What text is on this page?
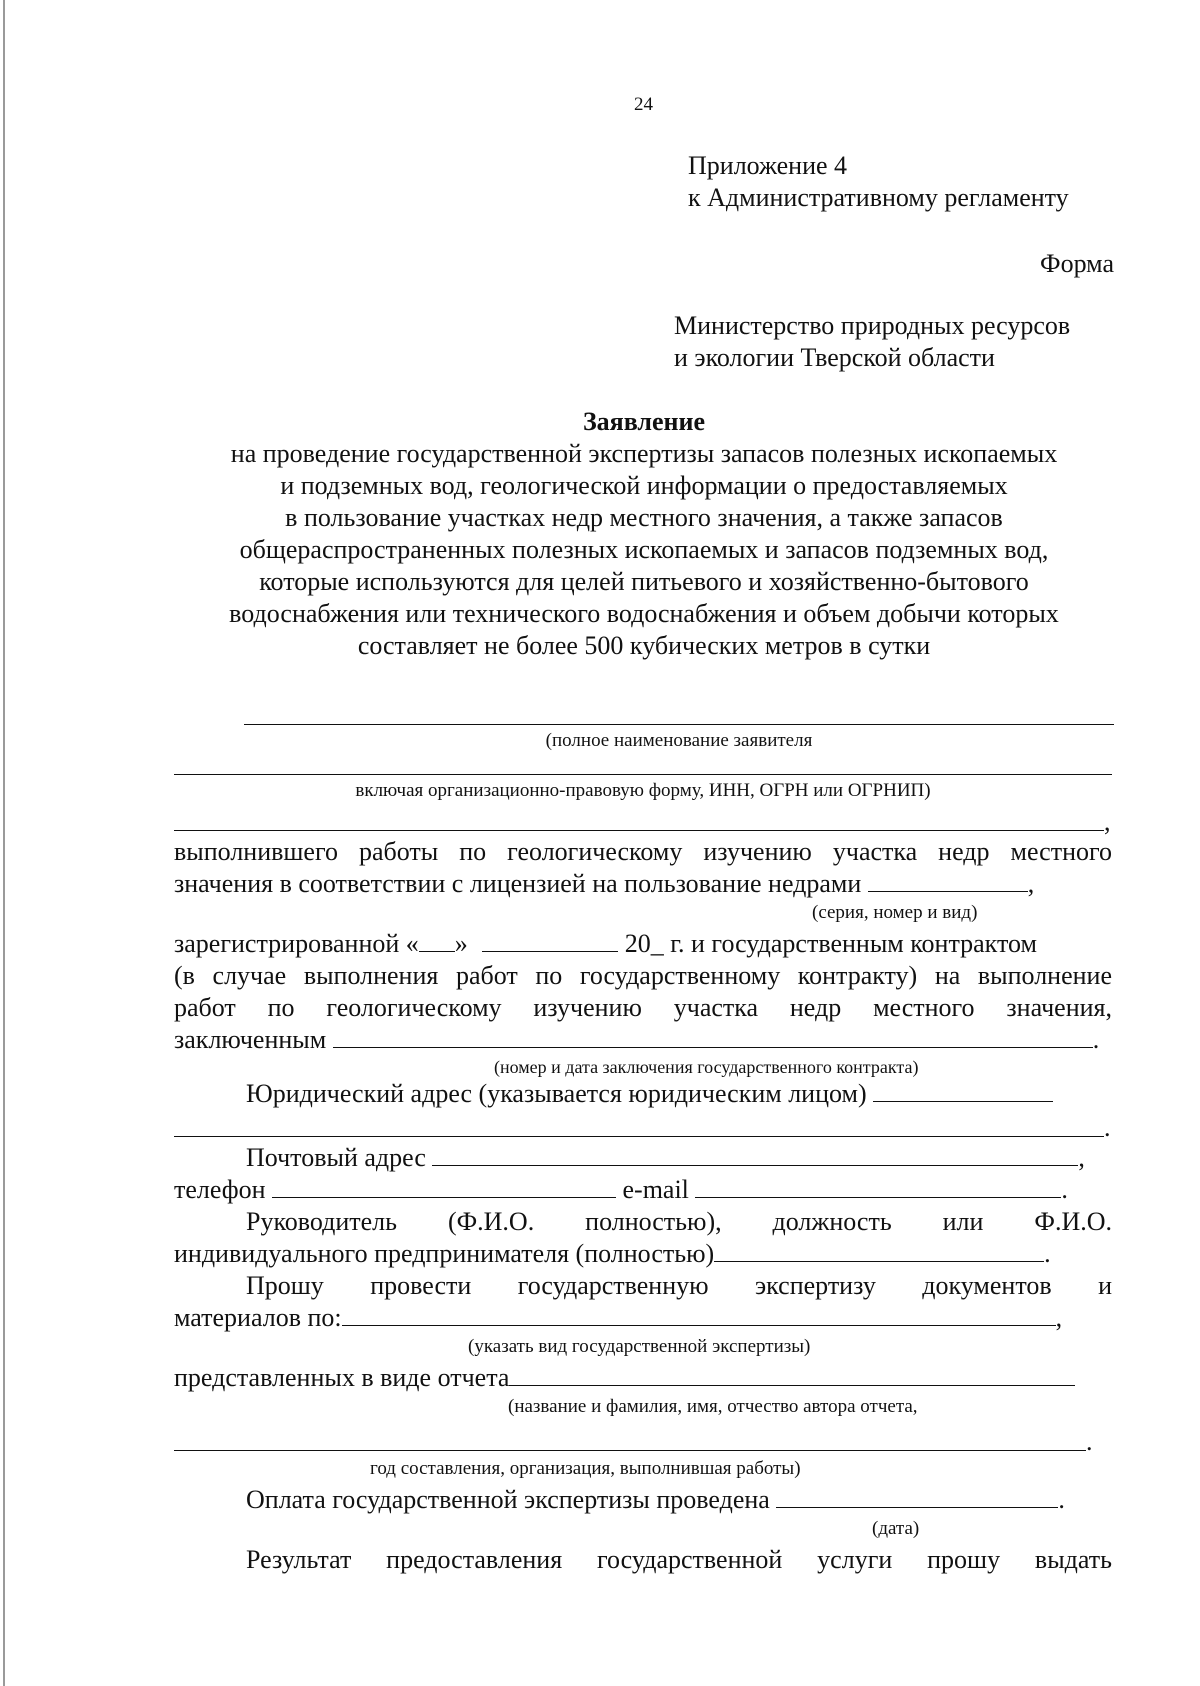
24
Приложение 4
к Административному регламенту
Форма
Министерство природных ресурсов
и экологии Тверской области
Заявление
на проведение государственной экспертизы запасов полезных ископаемых
и подземных вод, геологической информации о предоставляемых
в пользование участках недр местного значения, а также запасов
общераспространенных полезных ископаемых и запасов подземных вод,
которые используются для целей питьевого и хозяйственно-бытового
водоснабжения или технического водоснабжения и объем добычи которых
составляет не более 500 кубических метров в сутки
(полное наименование заявителя
включая организационно-правовую форму, ИНН, ОГРН или ОГРНИП)
,
выполнившего работы по геологическому изучению участка недр местного
значения в соответствии с лицензией на пользование недрами	,
(серия, номер и вид)
зарегистрированной « »	20_ г. и государственным контрактом
(в случае выполнения работ по государственному контракту) на выполнение
работ по геологическому изучению участка недр местного значения,
заключенным	.
(номер и дата заключения государственного контракта)
Юридический адрес (указывается юридическим лицом)
.
Почтовый адрес	,
телефон	e-mail	.
Руководитель (Ф.И.О. полностью), должность или Ф.И.О.
индивидуального предпринимателя (полностью)	.
Прошу провести государственную экспертизу документов и
материалов по:	,
(указать вид государственной экспертизы)
представленных в виде отчета
(название и фамилия, имя, отчество автора отчета,
.
год составления, организация, выполнившая работы)
Оплата государственной экспертизы проведена	.
(дата)
Результат предоставления государственной услуги прошу выдать
